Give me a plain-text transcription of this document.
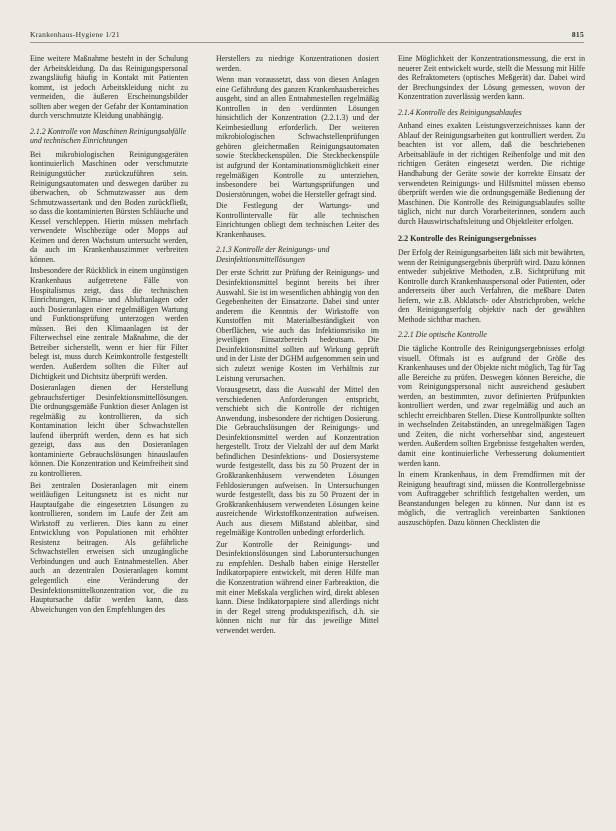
Krankenhaus-Hygiene 1/21	815

Eine weitere Maßnahme besteht in der Schulung der Arbeitskleidung. Da das Reinigungspersonal zwangsläufig häufig in Kontakt mit Patienten kommt, ist jedoch Arbeitskleidung nicht zu vermeiden, die äußeren Erscheinungsbilder sollten aber wegen der Gefahr der Kontamination durch verschmutzte Kleidung unabhängig.

2.1.2 Kontrolle von Maschinen Reinigungsabfälle und technischen Einrichtungen

Bei mikrobiologischen Reinigungsgeräten kontinuierlich Maschinen oder verschmutzte Reinigungstücher zurückzuführen sein. Reinigungsautomaten und deswegen darüber zu überwachen, ob Schmutzwasser aus dem Schmutzwassertank und den Boden zurückfließt, so dass die kontaminierten Bürsten Schläuche und Kessel verschleppen. Hierin müssen mehrfach verwendete Wischbezüge oder Mopps auf Keimen und deren Wachstum untersucht werden, da auch im Krankenhauszimmer verbreiten können.

Insbesondere der Rückblick in einem ungünstigen Krankenhaus aufgetretene Fälle von Hospitalismus zeigt, dass die technischen Einrichtungen, Klima- und Abluftanlagen oder auch Dosieranlagen einer regelmäßigen Wartung und Funktionsprüfung unterzogen werden müssen. Bei den Klimaanlagen ist der Filterwechsel eine zentrale Maßnahme, die der Betreiber sicherstellt, wenn er hier für Filter belegt ist, muss durch Keimkontrolle festgestellt werden. Außerdem sollten die Filter auf Dichtigkeit und Dichtsitz überprüft werden.

Dosieranlagen dienen der Herstellung gebrauchsfertiger Desinfektionsmittellösungen. Die ordnungsgemäße Funktion dieser Anlagen ist regelmäßig zu kontrollieren, da sich Kontamination leicht über Schwachstellen laufend überprüft werden, denn es hat sich gezeigt, dass aus den Dosieranlagen kontaminierte Gebrauchslösungen hinauslaufen können. Die Konzentration und Keimfreiheit sind zu kontrollieren.

Bei zentralen Dosieranlagen mit einem weitläufigen Leitungsnetz ist es nicht nur Hauptaufgabe die eingesetzten Lösungen zu kontrollieren, sondern im Laufe der Zeit am Wirkstoff zu verlieren. Dies kann zu einer Entwicklung von Populationen mit erhöhter Resistenz beitragen. Als gefährliche Schwachstellen erweisen sich unzugängliche Verbindungen und auch Entnahmestellen. Aber auch an dezentralen Dosieranlagen kommt gelegentlich eine Veränderung der Desinfektionsmittelkonzentration vor, die zu Hauptursache dafür werden kann, dass Abweichungen von den Empfehlungen des

Herstellers zu niedrige Konzentrationen dosiert werden.

Wenn man voraussetzt, dass von diesen Anlagen eine Gefährdung des ganzen Krankenhausbereiches ausgeht, sind an allen Entnahmestellen regelmäßig Kontrollen in den verdünnten Lösungen hinsichtlich der Konzentration (2.2.1.3) und der Keimbesiedlung erforderlich. Der weiteren mikrobiologischen Schwachstellenprüfungen gehören gleichermaßen Reinigungsautomaten sowie Steckbeckenspülen. Die Steckbeckenspüle ist aufgrund der Kontaminationsmöglichkeit einer regelmäßigen Kontrolle zu unterziehen, insbesondere bei Wartungsprüfungen und Dosierstörungen, wobei die Hersteller gefragt sind.

Die Festlegung der Wartungs- und Kontrollintervalle für alle technischen Einrichtungen obliegt dem technischen Leiter des Krankenhauses.

2.1.3 Kontrolle der Reinigungs- und Desinfektionsmittellösungen

Der erste Schritt zur Prüfung der Reinigungs- und Desinfektionsmittel beginnt bereits bei ihrer Auswahl. Sie ist im wesentlichen abhängig von den Gegebenheiten der Einsatzorte. Dabei sind unter anderem die Kenntnis der Wirkstoffe von Kunstoffen mit Materialbeständigkeit von Oberflächen, wie auch das Infektionsrisiko im jeweiligen Einsatzbereich bedeutsam. Die Desinfektionsmittel sollten auf Wirkung geprüft und in der Liste der DGHM aufgenommen sein und sich zuletzt wenige Kosten im Verhältnis zur Leistung verursachen.

Vorausgesetzt, dass die Auswahl der Mittel den verschiedenen Anforderungen entspricht, verschiebt sich die Kontrolle der richtigen Anwendung, insbesondere der richtigen Dosierung. Die Gebrauchslösungen der Reinigungs- und Desinfektionsmittel werden auf Konzentration hergestellt. Trotz der Vielzahl der auf dem Markt befindlichen Desinfektions- und Dosiersysteme wurde festgestellt, dass bis zu 50 Prozent der in Großkrankenhäusern verwendeten Lösungen Fehldosierungen aufweisen. In Untersuchungen wurde festgestellt, dass bis zu 50 Prozent der in Großkrankenhäusern verwendeten Lösungen keine ausreichende Wirkstoffkonzentration aufweisen. Auch aus diesem Mißstand ableitbar, sind regelmäßige Kontrollen unbedingt erforderlich.

Zur Kontrolle der Reinigungs- und Desinfektionslösungen sind Laboruntersuchungen zu empfehlen. Deshalb haben einige Hersteller Indikatorpapiere entwickelt, mit deren Hilfe man die Konzentration während einer Farbreaktion, die mit einer Meßskala verglichen wird, direkt ablesen kann. Diese Indikatorpapiere sind allerdings nicht in der Regel streng produktspezifisch, d.h. sie können nicht nur für das jeweilige Mittel verwendet werden.

Eine Möglichkeit der Konzentrationsmessung, die erst in neuerer Zeit entwickelt wurde, stellt die Messung mit Hilfe des Refraktometers (optisches Meßgerät) dar. Dabei wird der Brechungsindex der Lösung gemessen, wovon der Konzentration zuverlässig werden kann.

2.1.4 Kontrolle des Reinigungsablaufes

Anhand eines exakten Leistungsverzeichnisses kann der Ablauf der Reinigungsarbeiten gut kontrolliert werden. Zu beachten ist vor allem, daß die beschriebenen Arbeitsabläufe in der richtigen Reihenfolge und mit den richtigen Geräten eingesetzt werden. Die richtige Handhabung der Geräte sowie der korrekte Einsatz der verwendeten Reinigungs- und Hilfsmittel müssen ebenso überprüft werden wie die ordnungsgemäße Bedienung der Maschinen. Die Kontrolle des Reinigungsablaufes sollte täglich, nicht nur durch Vorarbeiterinnen, sondern auch durch Hauswirtschaftsleitung und Objektleiter erfolgen.

2.2 Kontrolle des Reinigungsergebnisses

Der Erfolg der Reinigungsarbeiten läßt sich mit bewährten, wenn der Reinigungsergebnis überprüft wird. Dazu können entweder subjektive Methoden, z.B. Sichtprüfung mit Kontrolle durch Krankenhauspersonal oder Patienten, oder andererseits über auch Verfahren, die meßbare Daten liefern, wie z.B. Abklatsch- oder Abstrichproben, welche den Reinigungserfolg objektiv nach der gewählten Methode sichtbar machen.

2.2.1 Die optische Kontrolle

Die tägliche Kontrolle des Reinigungsergebnisses erfolgt visuell. Oftmals ist es aufgrund der Größe des Krankenhauses und der Objekte nicht möglich, Tag für Tag alle Bereiche zu prüfen. Deswegen können Bereiche, die vom Reinigungspersonal nicht ausreichend gesäubert werden, an bestimmten, zuvor definierten Prüfpunkten kontrolliert werden, und zwar regelmäßig und auch an schlecht erreichbaren Stellen. Diese Kontrollpunkte sollten in wechselnden Zeitabständen, an unregelmäßigen Tagen und Zeiten, die nicht vorhersehbar sind, angesteuert werden. Außerdem sollten Ergebnisse festgehalten werden, damit eine kontinuierliche Verbesserung dokumentiert werden kann.

In einem Krankenhaus, in dem Fremdfirmen mit der Reinigung beauftragt sind, müssen die Kontrollergebnisse vom Auftraggeber schriftlich festgehalten werden, um Beanstandungen belegen zu können. Nur dann ist es möglich, die vertraglich vereinbarten Sanktionen auszuschöpfen. Dazu können Checklisten die
